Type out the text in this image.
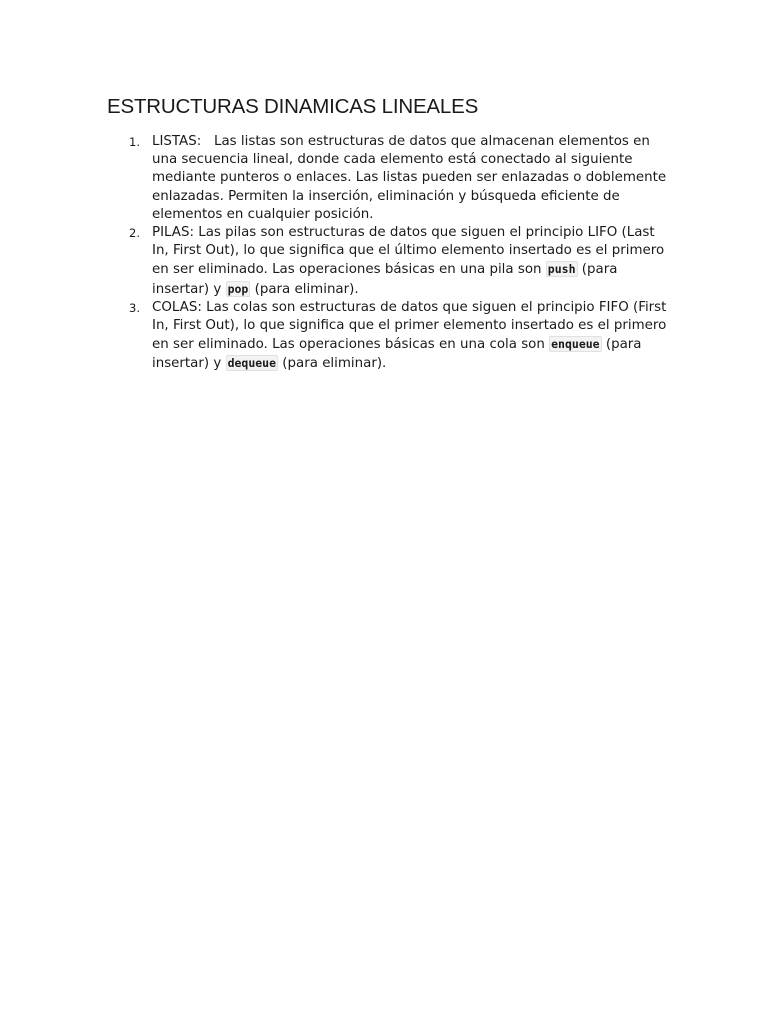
ESTRUCTURAS DINAMICAS LINEALES
1. LISTAS: Las listas son estructuras de datos que almacenan elementos en una secuencia lineal, donde cada elemento está conectado al siguiente mediante punteros o enlaces. Las listas pueden ser enlazadas o doblemente enlazadas. Permiten la inserción, eliminación y búsqueda eficiente de elementos en cualquier posición.
2. PILAS: Las pilas son estructuras de datos que siguen el principio LIFO (Last In, First Out), lo que significa que el último elemento insertado es el primero en ser eliminado. Las operaciones básicas en una pila son push (para insertar) y pop (para eliminar).
3. COLAS: Las colas son estructuras de datos que siguen el principio FIFO (First In, First Out), lo que significa que el primer elemento insertado es el primero en ser eliminado. Las operaciones básicas en una cola son enqueue (para insertar) y dequeue (para eliminar).
